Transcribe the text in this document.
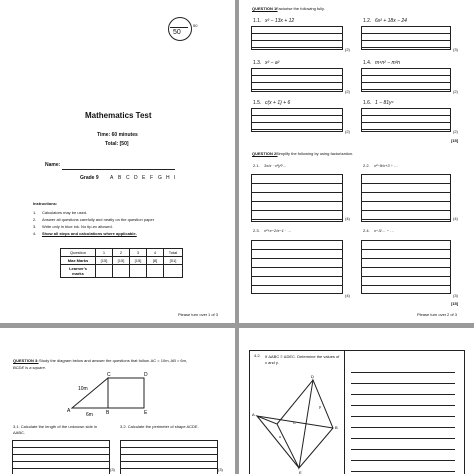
50
50
Mathematics Test
Time: 60 minutes
Total: [50]
Name:
Grade 9 A B C D E F G H I
Instructions:
1. Calculators may be used.
2. Answer all questions carefully and neatly on the question paper
3. Write only in blue ink. No tip-ex allowed.
4. Show all steps and calculations where applicable.
Question	1	2	3	4	Total
Max Marks	[15]	[15]	[15]	[8]	[51]
Learner's marks					
Please turn over 1 of 3
QUESTION 1:
Factorise the following fully.
1.1. x² − 13x + 12
(2)
1.2. 6x² + 18x − 24
(3)
1.3. x² − a²
(2)
1.4. m⁴n² − m²n
(2)
1.5. c(x + 1) + 6
(2)
1.6. 1 − 81y⁴
(2)
[15]
QUESTION 2:
Simplify the following by using factorization.
2.1. 3x/x · x²y²/…
(4)
2.2. x²−9/x+3 ÷ …
(4)
2.3. x²+x−2/x−1 · …
(4)
2.4. x−3/… − …
(3)
[15]
Please turn over 2 of 3
QUESTION 3: Study the diagram below and answer the questions that follow. AC = 10m, AB = 6m,
BCDE is a square.
A	B
C	D
E
10m
6m
3.1. Calculate the length of the unknown side in ΔABC.
3.2. Calculate the perimeter of shape ACDE.
(3)	(3)
4.2. If ΔABC ≡ ΔDEC. Determine the values of x and y.
A
B
C
D
E
x
y
